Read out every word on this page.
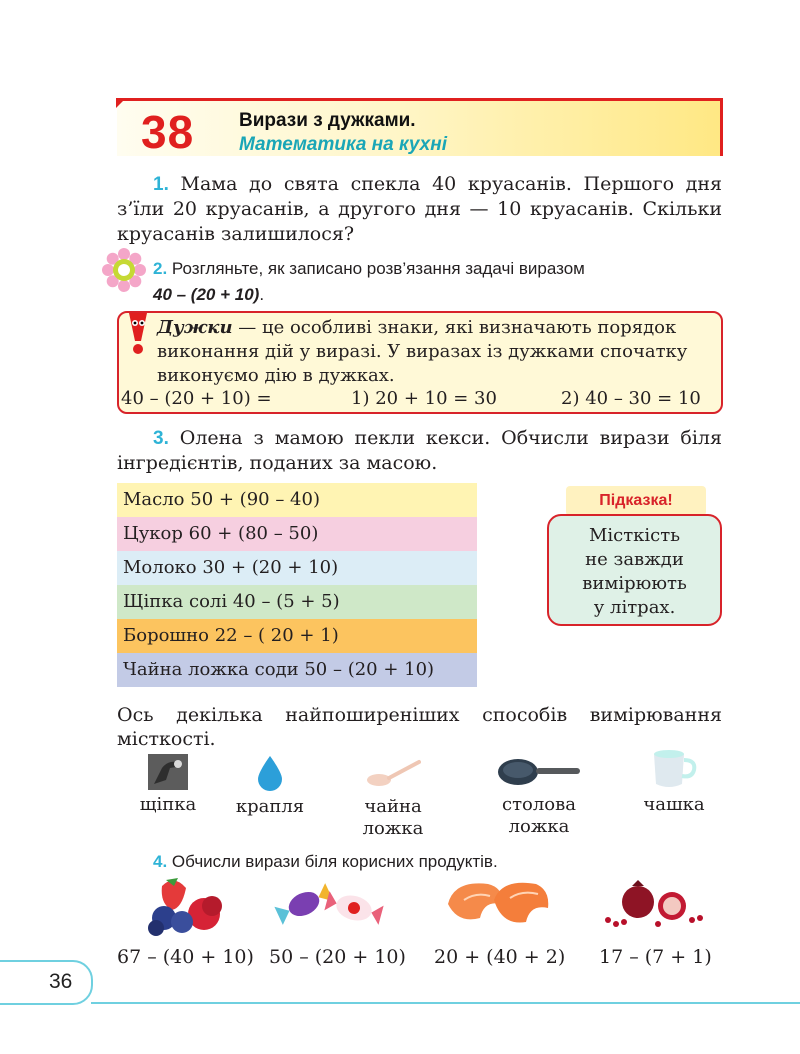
38 Вирази з дужками.
Математика на кухні
1. Мама до свята спекла 40 круасанів. Першого дня з’їли 20 круасанів, а другого дня — 10 круасанів. Скільки круасанів залишилося?
2. Розгляньте, як записано розв’язання задачі виразом
40 – (20 + 10).
Дужки — це особливі знаки, які визначають порядок виконання дій у виразі. У виразах із дужками спочатку виконуємо дію в дужках.
40 – (20 + 10) =	1) 20 + 10 = 30	2) 40 – 30 = 10
3. Олена з мамою пекли кекси. Обчисли вирази біля інгредієнтів, поданих за масою.
Масло 50 + (90 – 40)
Цукор 60 + (80 – 50)
Молоко 30 + (20 + 10)
Щіпка солі 40 – (5 + 5)
Борошно 22 – ( 20 + 1)
Чайна ложка соди 50 – (20 + 10)
Підказка!
Місткість
не завжди
вимірюють
у літрах.
Ось декілька найпоширеніших способів вимірювання місткості.
щіпка	крапля	чайна
ложка
столова
ложка
чашка
4. Обчисли вирази біля корисних продуктів.
67 – (40 + 10) 50 – (20 + 10) 20 + (40 + 2) 17 – (7 + 1)
36
